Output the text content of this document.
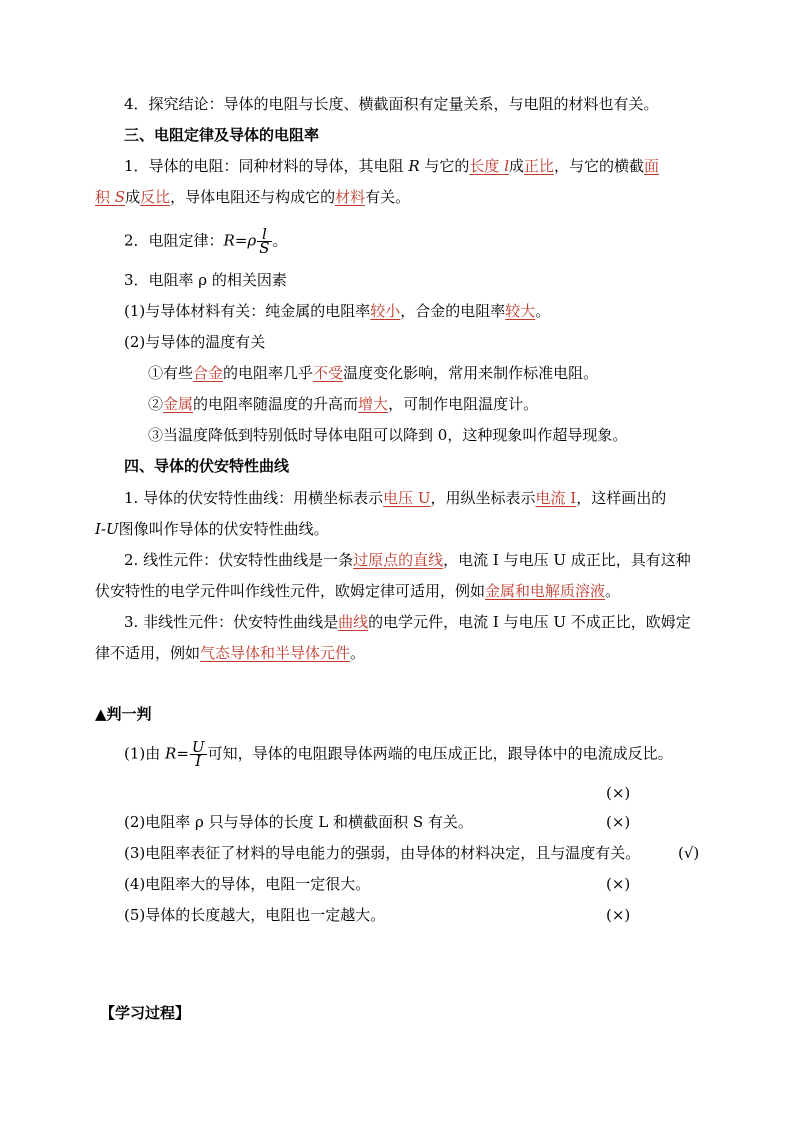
4．探究结论：导体的电阻与长度、横截面积有定量关系，与电阻的材料也有关。
三、电阻定律及导体的电阻率
1．导体的电阻：同种材料的导体，其电阻 R 与它的长度 l成正比，与它的横截面
积 S成反比，导体电阻还与构成它的材料有关。
2．电阻定律：$R=\rho \frac{l}{S}$ 。
3．电阻率 ρ 的相关因素
(1)与导体材料有关：纯金属的电阻率较小，合金的电阻率较大。
(2)与导体的温度有关
①有些合金的电阻率几乎不受温度变化影响，常用来制作标准电阻。
②金属的电阻率随温度的升高而增大，可制作电阻温度计。
③当温度降低到特别低时导体电阻可以降到 0，这种现象叫作超导现象。
四、导体的伏安特性曲线
1. 导体的伏安特性曲线：用横坐标表示电压 U，用纵坐标表示电流 I，这样画出的
I-U图像叫作导体的伏安特性曲线。
2. 线性元件：伏安特性曲线是一条过原点的直线，电流 I 与电压 U 成正比，具有这种
伏安特性的电学元件叫作线性元件，欧姆定律可适用，例如金属和电解质溶液。
3. 非线性元件：伏安特性曲线是曲线的电学元件，电流 I 与电压 U 不成正比，欧姆定
律不适用，例如气态导体和半导体元件。
▲判一判
(1)由 $R= \frac{U}{I}$ 可知，导体的电阻跟导体两端的电压成正比，跟导体中的电流成反比。
(×)
(2)电阻率 ρ 只与导体的长度 L 和横截面积 S 有关。	(×)
(3)电阻率表征了材料的导电能力的强弱，由导体的材料决定，且与温度有关。	(√)
(4)电阻率大的导体，电阻一定很大。	(×)
(5)导体的长度越大，电阻也一定越大。	(×)
【学习过程】
